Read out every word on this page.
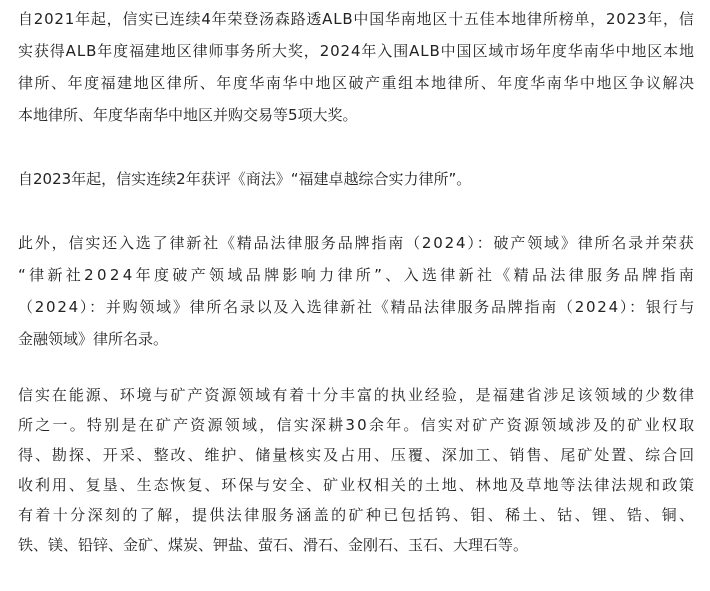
自2021年起，信实已连续4年荣登汤森路透ALB中国华南地区十五佳本地律所榜单，2023年，信
实获得ALB年度福建地区律师事务所大奖，2024年入围ALB中国区域市场年度华南华中地区本地
律所、年度福建地区律所、年度华南华中地区破产重组本地律所、年度华南华中地区争议解决
本地律所、年度华南华中地区并购交易等5项大奖。
自2023年起，信实连续2年获评《商法》“福建卓越综合实力律所”。
此外，信实还入选了律新社《精品法律服务品牌指南（2024）：破产领域》律所名录并荣获
“律新社2024年度破产领域品牌影响力律所”、入选律新社《精品法律服务品牌指南
（2024）：并购领域》律所名录以及入选律新社《精品法律服务品牌指南（2024）：银行与
金融领域》律所名录。
信实在能源、环境与矿产资源领域有着十分丰富的执业经验，是福建省涉足该领域的少数律
所之一。特别是在矿产资源领域，信实深耕30余年。信实对矿产资源领域涉及的矿业权取
得、勘探、开采、整改、维护、储量核实及占用、压覆、深加工、销售、尾矿处置、综合回
收利用、复垦、生态恢复、环保与安全、矿业权相关的土地、林地及草地等法律法规和政策
有着十分深刻的了解，提供法律服务涵盖的矿种已包括钨、钼、稀土、钴、锂、锆、铜、
铁、镁、铅锌、金矿、煤炭、钾盐、萤石、滑石、金刚石、玉石、大理石等。
